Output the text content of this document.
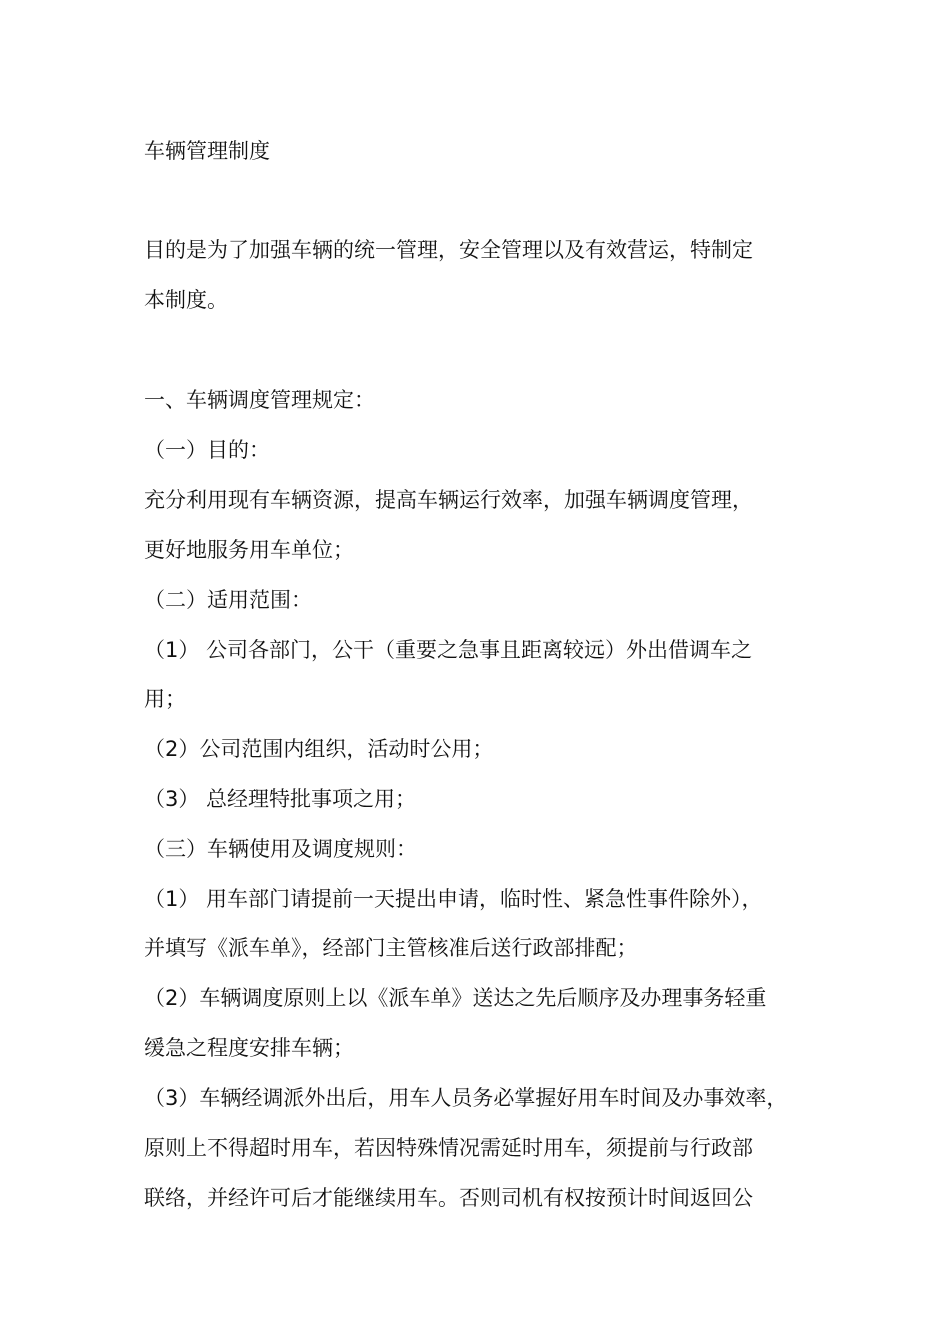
车辆管理制度
目的是为了加强车辆的统一管理，安全管理以及有效营运，特制定
本制度。
一、车辆调度管理规定：
（一）目的：
充分利用现有车辆资源，提高车辆运行效率，加强车辆调度管理，
更好地服务用车单位；
（二）适用范围：
（1） 公司各部门，公干（重要之急事且距离较远）外出借调车之
用；
（2）公司范围内组织，活动时公用；
（3） 总经理特批事项之用；
（三）车辆使用及调度规则：
（1） 用车部门请提前一天提出申请，临时性、紧急性事件除外），
并填写《派车单》，经部门主管核准后送行政部排配；
（2）车辆调度原则上以《派车单》送达之先后顺序及办理事务轻重
缓急之程度安排车辆；
（3）车辆经调派外出后，用车人员务必掌握好用车时间及办事效率，
原则上不得超时用车，若因特殊情况需延时用车，须提前与行政部
联络，并经许可后才能继续用车。否则司机有权按预计时间返回公
